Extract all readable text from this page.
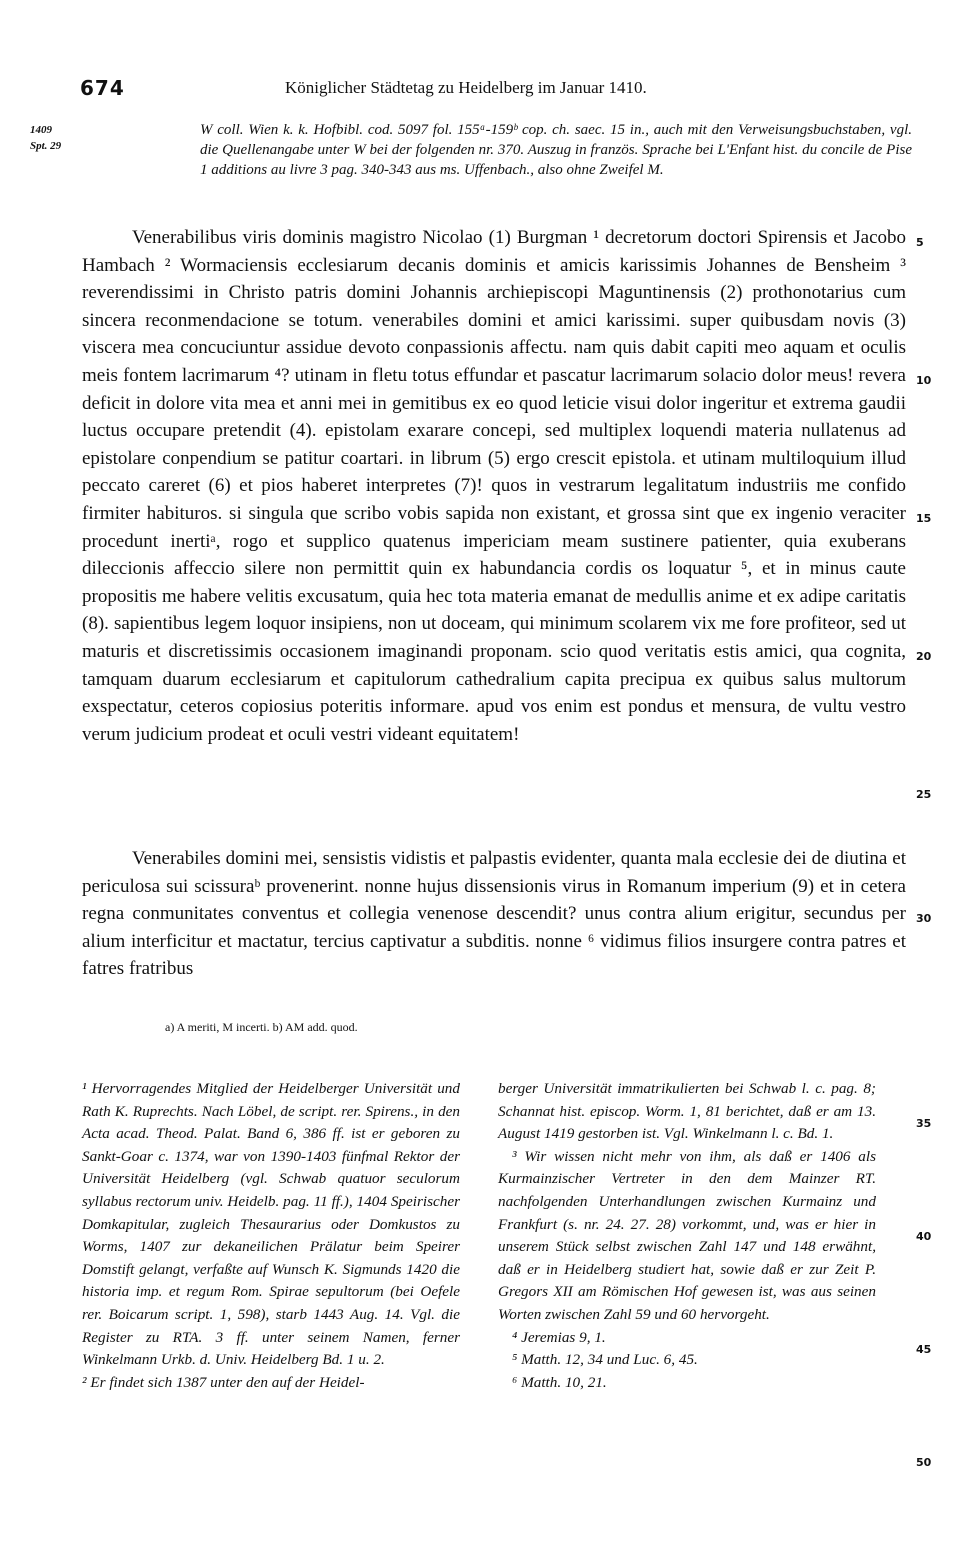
674	Königlicher Städtetag zu Heidelberg im Januar 1410.
1409
Spt. 29
W coll. Wien k. k. Hofbibl. cod. 5097 fol. 155ᵃ-159ᵇ cop. ch. saec. 15 in., auch mit den Verweisungsbuchstaben, vgl. die Quellenangabe unter W bei der folgenden nr. 370. Auszug in französ. Sprache bei L'Enfant hist. du concile de Pise 1 additions au livre 3 pag. 340-343 aus ms. Uffenbach., also ohne Zweifel M.
Venerabilibus viris dominis magistro Nicolao (1) Burgman ¹ decretorum doctori Spirensis et Jacobo Hambach ² Wormaciensis ecclesiarum decanis dominis et amicis karissimis Johannes de Bensheim ³ reverendissimi in Christo patris domini Johannis archiepiscopi Maguntinensis (2) prothonotarius cum sincera reconmendacione se totum. venerabiles domini et amici karissimi. super quibusdam novis (3) viscera mea concuciuntur assidue devoto conpassionis affectu. nam quis dabit capiti meo aquam et oculis meis fontem lacrimarum ⁴? utinam in fletu totus effundar et pascatur lacrimarum solacio dolor meus! revera deficit in dolore vita mea et anni mei in gemitibus ex eo quod leticie visui dolor ingeritur et extrema gaudii luctus occupare pretendit (4). epistolam exarare concepi, sed multiplex loquendi materia nullatenus ad epistolare conpendium se patitur coartari. in librum (5) ergo crescit epistola. et utinam multiloquium illud peccato careret (6) et pios haberet interpretes (7)! quos in vestrarum legalitatum industriis me confido firmiter habituros. si singula que scribo vobis sapida non existant, et grossa sint que ex ingenio veraciter procedunt inertiᵃ, rogo et supplico quatenus impericiam meam sustinere patienter, quia exuberans dileccionis affeccio silere non permittit quin ex habundancia cordis os loquatur ⁵, et in minus caute propositis me habere velitis excusatum, quia hec tota materia emanat de medullis anime et ex adipe caritatis (8). sapientibus legem loquor insipiens, non ut doceam, qui minimum scolarem vix me fore profiteor, sed ut maturis et discretissimis occasionem imaginandi proponam. scio quod veritatis estis amici, qua cognita, tamquam duarum ecclesiarum et capitulorum cathedralium capita precipua ex quibus salus multorum exspectatur, ceteros copiosius poteritis informare. apud vos enim est pondus et mensura, de vultu vestro verum judicium prodeat et oculi vestri videant equitatem!
Venerabiles domini mei, sensistis vidistis et palpastis evidenter, quanta mala ecclesie dei de diutina et periculosa sui scissuraᵇ provenerint. nonne hujus dissensionis virus in Romanum imperium (9) et in cetera regna conmunitates conventus et collegia venenose descendit? unus contra alium erigitur, secundus per alium interficitur et mactatur, tercius captivatur a subditis. nonne ⁶ vidimus filios insurgere contra patres et fatres fratribus
5
10
15
20
25
30
35
40
45
50
a) A meriti, M incerti. b) AM add. quod.

¹ Hervorragendes Mitglied der Heidelberger Universität und Rath K. Ruprechts. Nach Löbel, de script. rer. Spirens., in den Acta acad. Theod. Palat. Band 6, 386 ff. ist er geboren zu Sankt-Goar c. 1374, war von 1390-1403 fünfmal Rektor der Universität Heidelberg (vgl. Schwab quatuor seculorum syllabus rectorum univ. Heidelb. pag. 11 ff.), 1404 Speirischer Domkapitular, zugleich Thesaurarius oder Domkustos zu Worms, 1407 zur dekaneilichen Prälatur beim Speirer Domstift gelangt, verfaßte auf Wunsch K. Sigmunds 1420 die historia imp. et regum Rom. Spirae sepultorum (bei Oefele rer. Boicarum script. 1, 598), starb 1443 Aug. 14. Vgl. die Register zu RTA. 3 ff. unter seinem Namen, ferner Winkelmann Urkb. d. Univ. Heidelberg Bd. 1 u. 2.

² Er findet sich 1387 unter den auf der Heidel-

berger Universität immatrikulierten bei Schwab l. c. pag. 8; Schannat hist. episcop. Worm. 1, 81 berichtet, daß er am 13. August 1419 gestorben ist. Vgl. Winkelmann l. c. Bd. 1.

³ Wir wissen nicht mehr von ihm, als daß er 1406 als Kurmainzischer Vertreter in den dem Mainzer RT. nachfolgenden Unterhandlungen zwischen Kurmainz und Frankfurt (s. nr. 24. 27. 28) vorkommt, und, was er hier in unserem Stück selbst zwischen Zahl 147 und 148 erwähnt, daß er in Heidelberg studiert hat, sowie daß er zur Zeit P. Gregors XII am Römischen Hof gewesen ist, was aus seinen Worten zwischen Zahl 59 und 60 hervorgeht.

⁴ Jeremias 9, 1.

⁵ Matth. 12, 34 und Luc. 6, 45.

⁶ Matth. 10, 21.
